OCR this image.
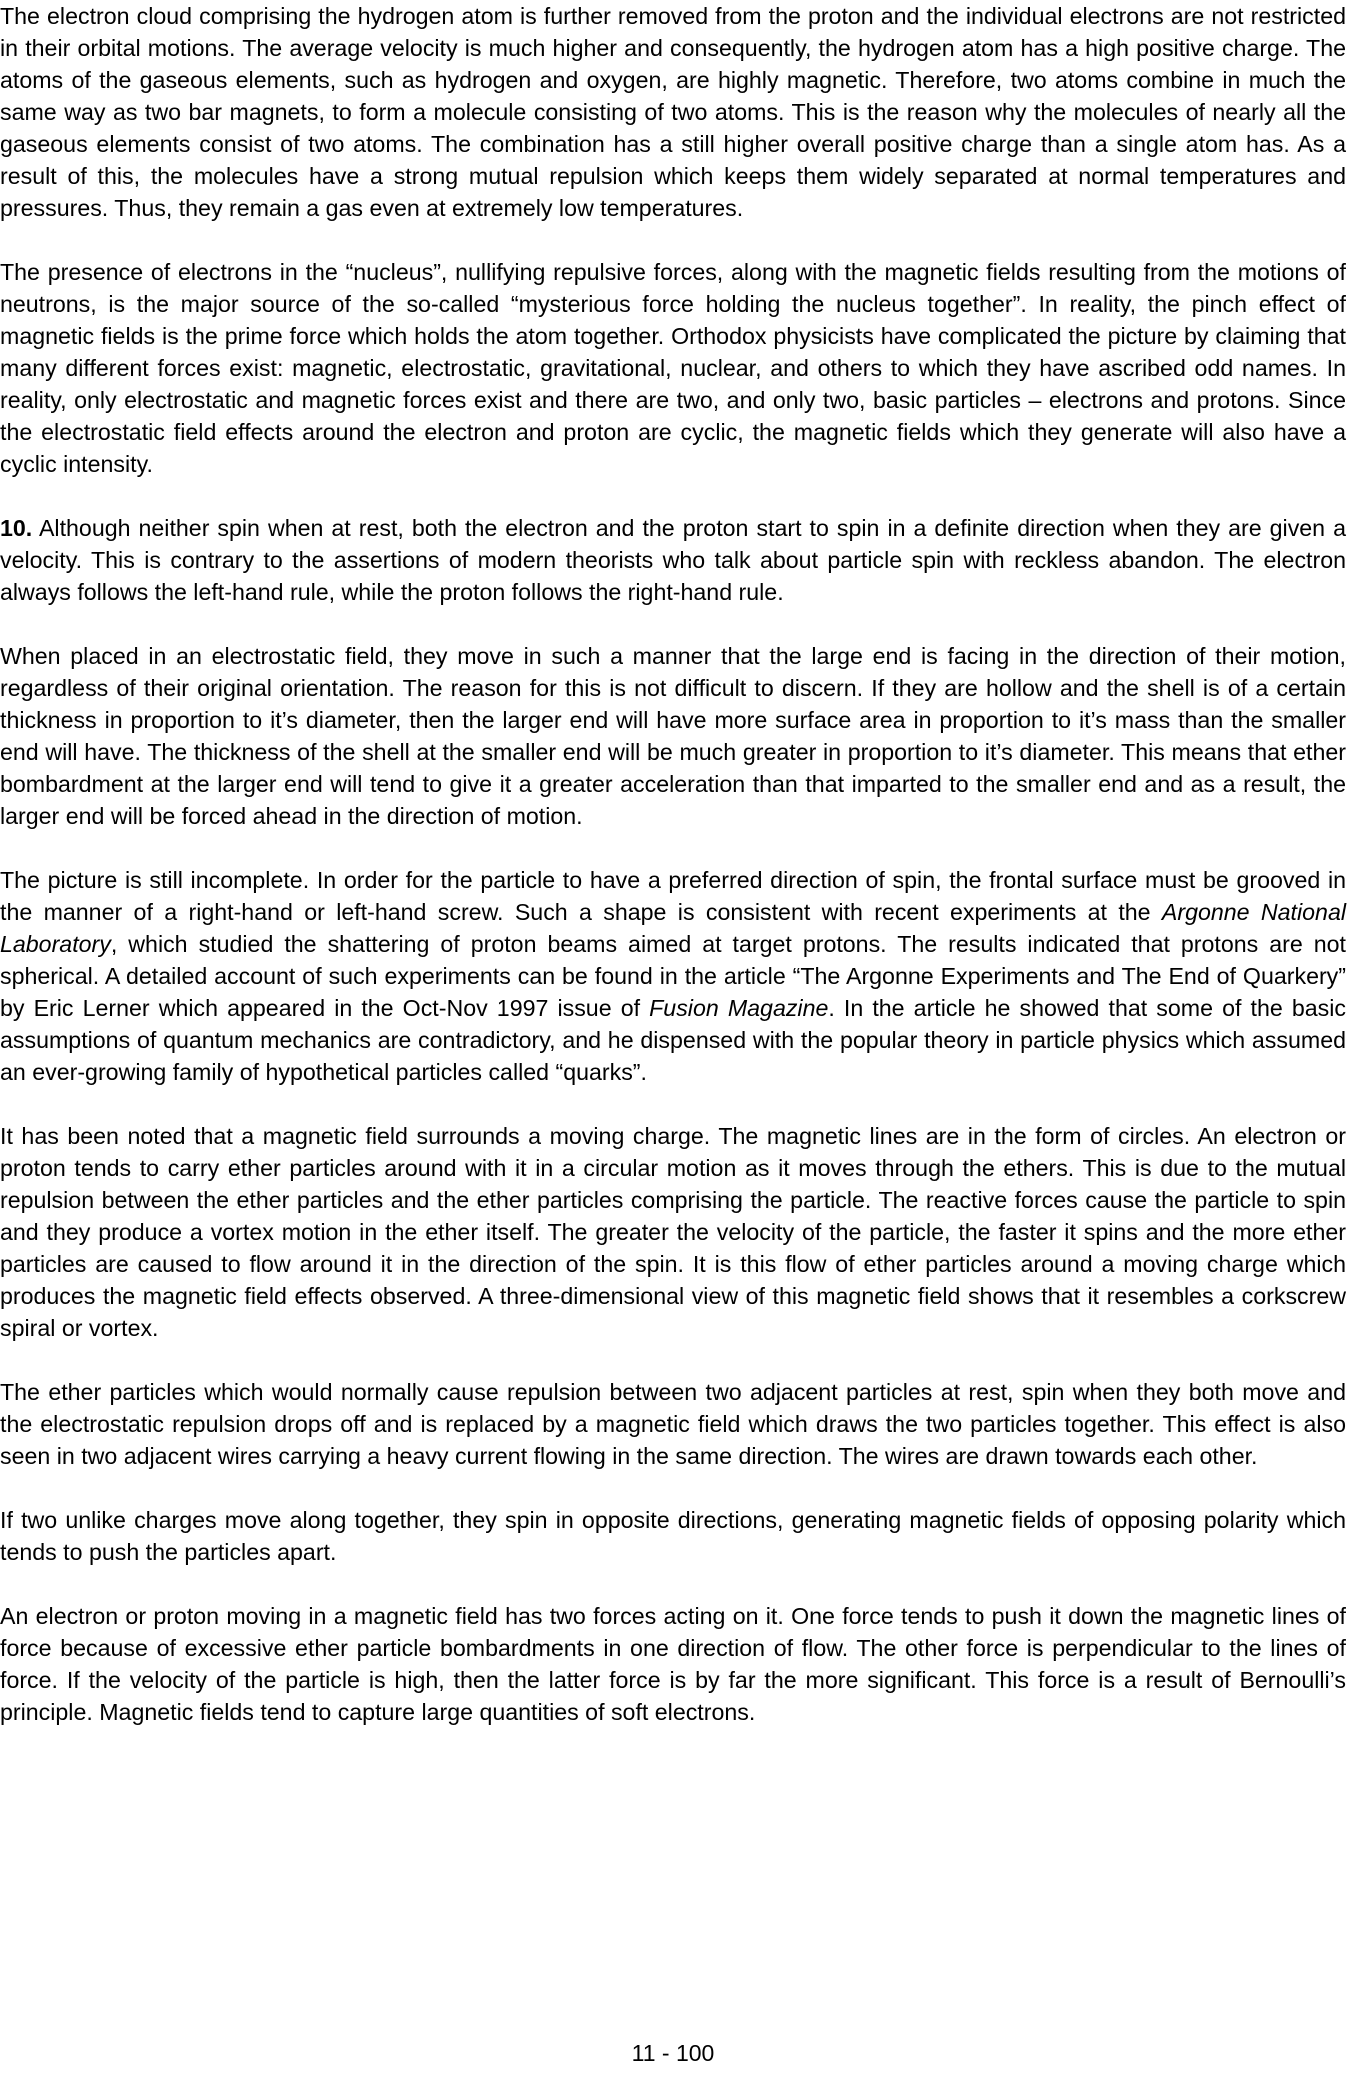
The electron cloud comprising the hydrogen atom is further removed from the proton and the individual electrons are not restricted in their orbital motions. The average velocity is much higher and consequently, the hydrogen atom has a high positive charge. The atoms of the gaseous elements, such as hydrogen and oxygen, are highly magnetic. Therefore, two atoms combine in much the same way as two bar magnets, to form a molecule consisting of two atoms. This is the reason why the molecules of nearly all the gaseous elements consist of two atoms. The combination has a still higher overall positive charge than a single atom has. As a result of this, the molecules have a strong mutual repulsion which keeps them widely separated at normal temperatures and pressures. Thus, they remain a gas even at extremely low temperatures.

The presence of electrons in the “nucleus”, nullifying repulsive forces, along with the magnetic fields resulting from the motions of neutrons, is the major source of the so-called “mysterious force holding the nucleus together”. In reality, the pinch effect of magnetic fields is the prime force which holds the atom together. Orthodox physicists have complicated the picture by claiming that many different forces exist: magnetic, electrostatic, gravitational, nuclear, and others to which they have ascribed odd names. In reality, only electrostatic and magnetic forces exist and there are two, and only two, basic particles – electrons and protons. Since the electrostatic field effects around the electron and proton are cyclic, the magnetic fields which they generate will also have a cyclic intensity.

10. Although neither spin when at rest, both the electron and the proton start to spin in a definite direction when they are given a velocity. This is contrary to the assertions of modern theorists who talk about particle spin with reckless abandon. The electron always follows the left-hand rule, while the proton follows the right-hand rule.

When placed in an electrostatic field, they move in such a manner that the large end is facing in the direction of their motion, regardless of their original orientation. The reason for this is not difficult to discern. If they are hollow and the shell is of a certain thickness in proportion to it’s diameter, then the larger end will have more surface area in proportion to it’s mass than the smaller end will have. The thickness of the shell at the smaller end will be much greater in proportion to it’s diameter. This means that ether bombardment at the larger end will tend to give it a greater acceleration than that imparted to the smaller end and as a result, the larger end will be forced ahead in the direction of motion.

The picture is still incomplete. In order for the particle to have a preferred direction of spin, the frontal surface must be grooved in the manner of a right-hand or left-hand screw. Such a shape is consistent with recent experiments at the Argonne National Laboratory, which studied the shattering of proton beams aimed at target protons. The results indicated that protons are not spherical. A detailed account of such experiments can be found in the article “The Argonne Experiments and The End of Quarkery” by Eric Lerner which appeared in the Oct-Nov 1997 issue of Fusion Magazine. In the article he showed that some of the basic assumptions of quantum mechanics are contradictory, and he dispensed with the popular theory in particle physics which assumed an ever-growing family of hypothetical particles called “quarks”.

It has been noted that a magnetic field surrounds a moving charge. The magnetic lines are in the form of circles. An electron or proton tends to carry ether particles around with it in a circular motion as it moves through the ethers. This is due to the mutual repulsion between the ether particles and the ether particles comprising the particle. The reactive forces cause the particle to spin and they produce a vortex motion in the ether itself. The greater the velocity of the particle, the faster it spins and the more ether particles are caused to flow around it in the direction of the spin. It is this flow of ether particles around a moving charge which produces the magnetic field effects observed. A three-dimensional view of this magnetic field shows that it resembles a corkscrew spiral or vortex.

The ether particles which would normally cause repulsion between two adjacent particles at rest, spin when they both move and the electrostatic repulsion drops off and is replaced by a magnetic field which draws the two particles together. This effect is also seen in two adjacent wires carrying a heavy current flowing in the same direction. The wires are drawn towards each other.

If two unlike charges move along together, they spin in opposite directions, generating magnetic fields of opposing polarity which tends to push the particles apart.

An electron or proton moving in a magnetic field has two forces acting on it. One force tends to push it down the magnetic lines of force because of excessive ether particle bombardments in one direction of flow. The other force is perpendicular to the lines of force. If the velocity of the particle is high, then the latter force is by far the more significant. This force is a result of Bernoulli’s principle. Magnetic fields tend to capture large quantities of soft electrons.

11 - 100
